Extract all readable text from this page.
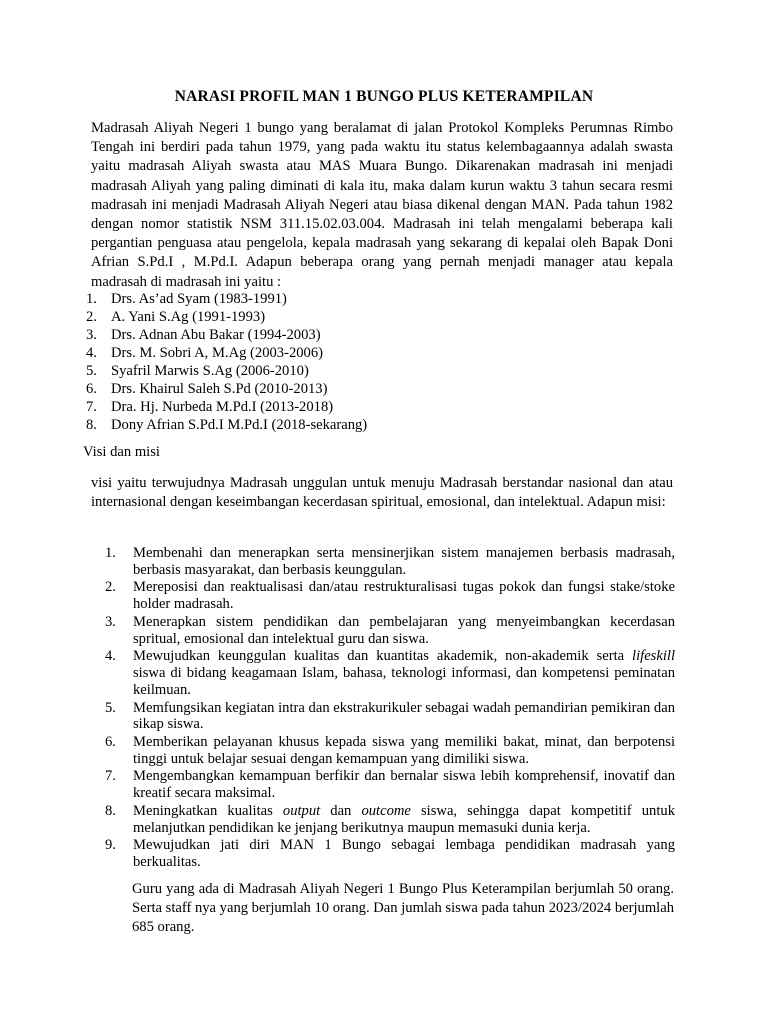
NARASI PROFIL MAN 1 BUNGO PLUS KETERAMPILAN

Madrasah Aliyah Negeri 1 bungo yang beralamat di jalan Protokol Kompleks Perumnas Rimbo Tengah ini berdiri pada tahun 1979, yang pada waktu itu status kelembagaannya adalah swasta yaitu madrasah Aliyah swasta atau MAS Muara Bungo. Dikarenakan madrasah ini menjadi madrasah Aliyah yang paling diminati di kala itu, maka dalam kurun waktu 3 tahun secara resmi madrasah ini menjadi Madrasah Aliyah Negeri atau biasa dikenal dengan MAN. Pada tahun 1982 dengan nomor statistik NSM 311.15.02.03.004. Madrasah ini telah mengalami beberapa kali pergantian penguasa atau pengelola, kepala madrasah yang sekarang di kepalai oleh Bapak Doni Afrian S.Pd.I , M.Pd.I. Adapun beberapa orang yang pernah menjadi manager atau kepala madrasah di madrasah ini yaitu :

1. Drs. As’ad Syam (1983-1991)
2. A. Yani S.Ag (1991-1993)
3. Drs. Adnan Abu Bakar (1994-2003)
4. Drs. M. Sobri A, M.Ag (2003-2006)
5. Syafril Marwis S.Ag (2006-2010)
6. Drs. Khairul Saleh S.Pd (2010-2013)
7. Dra. Hj. Nurbeda M.Pd.I (2013-2018)
8. Dony Afrian S.Pd.I M.Pd.I (2018-sekarang)

Visi dan misi

visi yaitu terwujudnya Madrasah unggulan untuk menuju Madrasah berstandar nasional dan atau internasional dengan keseimbangan kecerdasan spiritual, emosional, dan intelektual. Adapun misi:

1.	Membenahi dan menerapkan serta mensinerjikan sistem manajemen berbasis madrasah, berbasis masyarakat, dan berbasis keunggulan.
2.	Mereposisi dan reaktualisasi dan/atau restrukturalisasi tugas pokok dan fungsi stake/stoke holder madrasah.
3.	Menerapkan sistem pendidikan dan pembelajaran yang menyeimbangkan kecerdasan spritual, emosional dan intelektual guru dan siswa.
4.	Mewujudkan keunggulan kualitas dan kuantitas akademik, non-akademik serta lifeskill siswa di bidang keagamaan Islam, bahasa, teknologi informasi, dan kompetensi peminatan keilmuan.
5.	Memfungsikan kegiatan intra dan ekstrakurikuler sebagai wadah pemandirian pemikiran dan sikap siswa.
6.	Memberikan pelayanan khusus kepada siswa yang memiliki bakat, minat, dan berpotensi tinggi untuk belajar sesuai dengan kemampuan yang dimiliki siswa.
7.	Mengembangkan kemampuan berfikir dan bernalar siswa lebih komprehensif, inovatif dan kreatif secara maksimal.
8.	Meningkatkan kualitas output dan outcome siswa, sehingga dapat kompetitif untuk melanjutkan pendidikan ke jenjang berikutnya maupun memasuki dunia kerja.
9.	Mewujudkan jati diri MAN 1 Bungo sebagai lembaga pendidikan madrasah yang berkualitas.

Guru yang ada di Madrasah Aliyah Negeri 1 Bungo Plus Keterampilan berjumlah 50 orang. Serta staff nya yang berjumlah 10 orang. Dan jumlah siswa pada tahun 2023/2024 berjumlah 685 orang.
